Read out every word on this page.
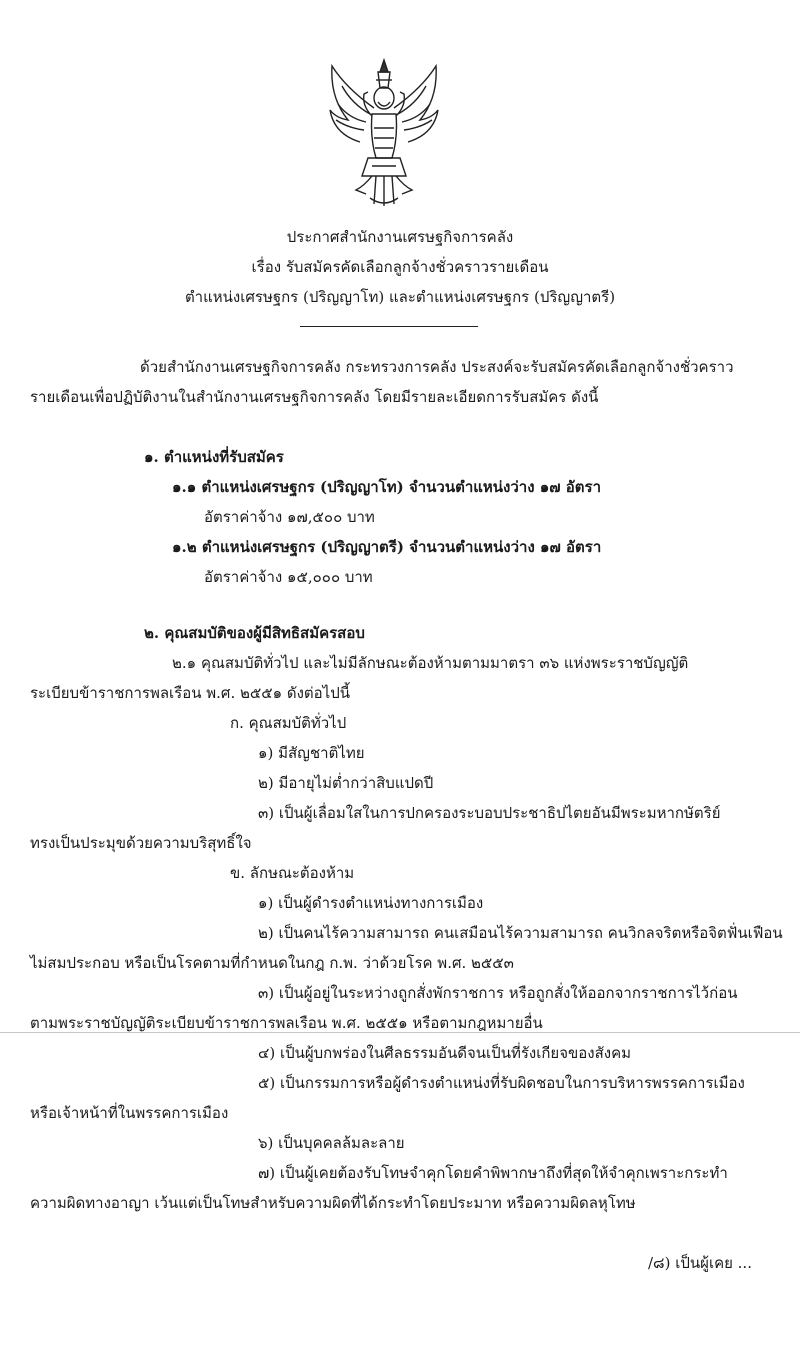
ประกาศสำนักงานเศรษฐกิจการคลัง
เรื่อง รับสมัครคัดเลือกลูกจ้างชั่วคราวรายเดือน
ตำแหน่งเศรษฐกร (ปริญญาโท) และตำแหน่งเศรษฐกร (ปริญญาตรี)
ด้วยสำนักงานเศรษฐกิจการคลัง กระทรวงการคลัง ประสงค์จะรับสมัครคัดเลือกลูกจ้างชั่วคราว
รายเดือนเพื่อปฏิบัติงานในสำนักงานเศรษฐกิจการคลัง โดยมีรายละเอียดการรับสมัคร ดังนี้
๑. ตำแหน่งที่รับสมัคร
๑.๑ ตำแหน่งเศรษฐกร (ปริญญาโท) จำนวนตำแหน่งว่าง ๑๗ อัตรา
อัตราค่าจ้าง ๑๗,๕๐๐ บาท
๑.๒ ตำแหน่งเศรษฐกร (ปริญญาตรี) จำนวนตำแหน่งว่าง ๑๗ อัตรา
อัตราค่าจ้าง ๑๕,๐๐๐ บาท
๒. คุณสมบัติของผู้มีสิทธิสมัครสอบ
๒.๑ คุณสมบัติทั่วไป และไม่มีลักษณะต้องห้ามตามมาตรา ๓๖ แห่งพระราชบัญญัติ
ระเบียบข้าราชการพลเรือน พ.ศ. ๒๕๕๑ ดังต่อไปนี้
ก. คุณสมบัติทั่วไป
๑) มีสัญชาติไทย
๒) มีอายุไม่ต่ำกว่าสิบแปดปี
๓) เป็นผู้เลื่อมใสในการปกครองระบอบประชาธิปไตยอันมีพระมหากษัตริย์
ทรงเป็นประมุขด้วยความบริสุทธิ์ใจ
ข. ลักษณะต้องห้าม
๑) เป็นผู้ดำรงตำแหน่งทางการเมือง
๒) เป็นคนไร้ความสามารถ คนเสมือนไร้ความสามารถ คนวิกลจริตหรือจิตฟั่นเฟือน
ไม่สมประกอบ หรือเป็นโรคตามที่กำหนดในกฎ ก.พ. ว่าด้วยโรค พ.ศ. ๒๕๕๓
๓) เป็นผู้อยู่ในระหว่างถูกสั่งพักราชการ หรือถูกสั่งให้ออกจากราชการไว้ก่อน
ตามพระราชบัญญัติระเบียบข้าราชการพลเรือน พ.ศ. ๒๕๕๑ หรือตามกฎหมายอื่น
๔) เป็นผู้บกพร่องในศีลธรรมอันดีจนเป็นที่รังเกียจของสังคม
๕) เป็นกรรมการหรือผู้ดำรงตำแหน่งที่รับผิดชอบในการบริหารพรรคการเมือง
หรือเจ้าหน้าที่ในพรรคการเมือง
๖) เป็นบุคคลล้มละลาย
๗) เป็นผู้เคยต้องรับโทษจำคุกโดยคำพิพากษาถึงที่สุดให้จำคุกเพราะกระทำ
ความผิดทางอาญา เว้นแต่เป็นโทษสำหรับความผิดที่ได้กระทำโดยประมาท หรือความผิดลหุโทษ
/๘) เป็นผู้เคย ...
